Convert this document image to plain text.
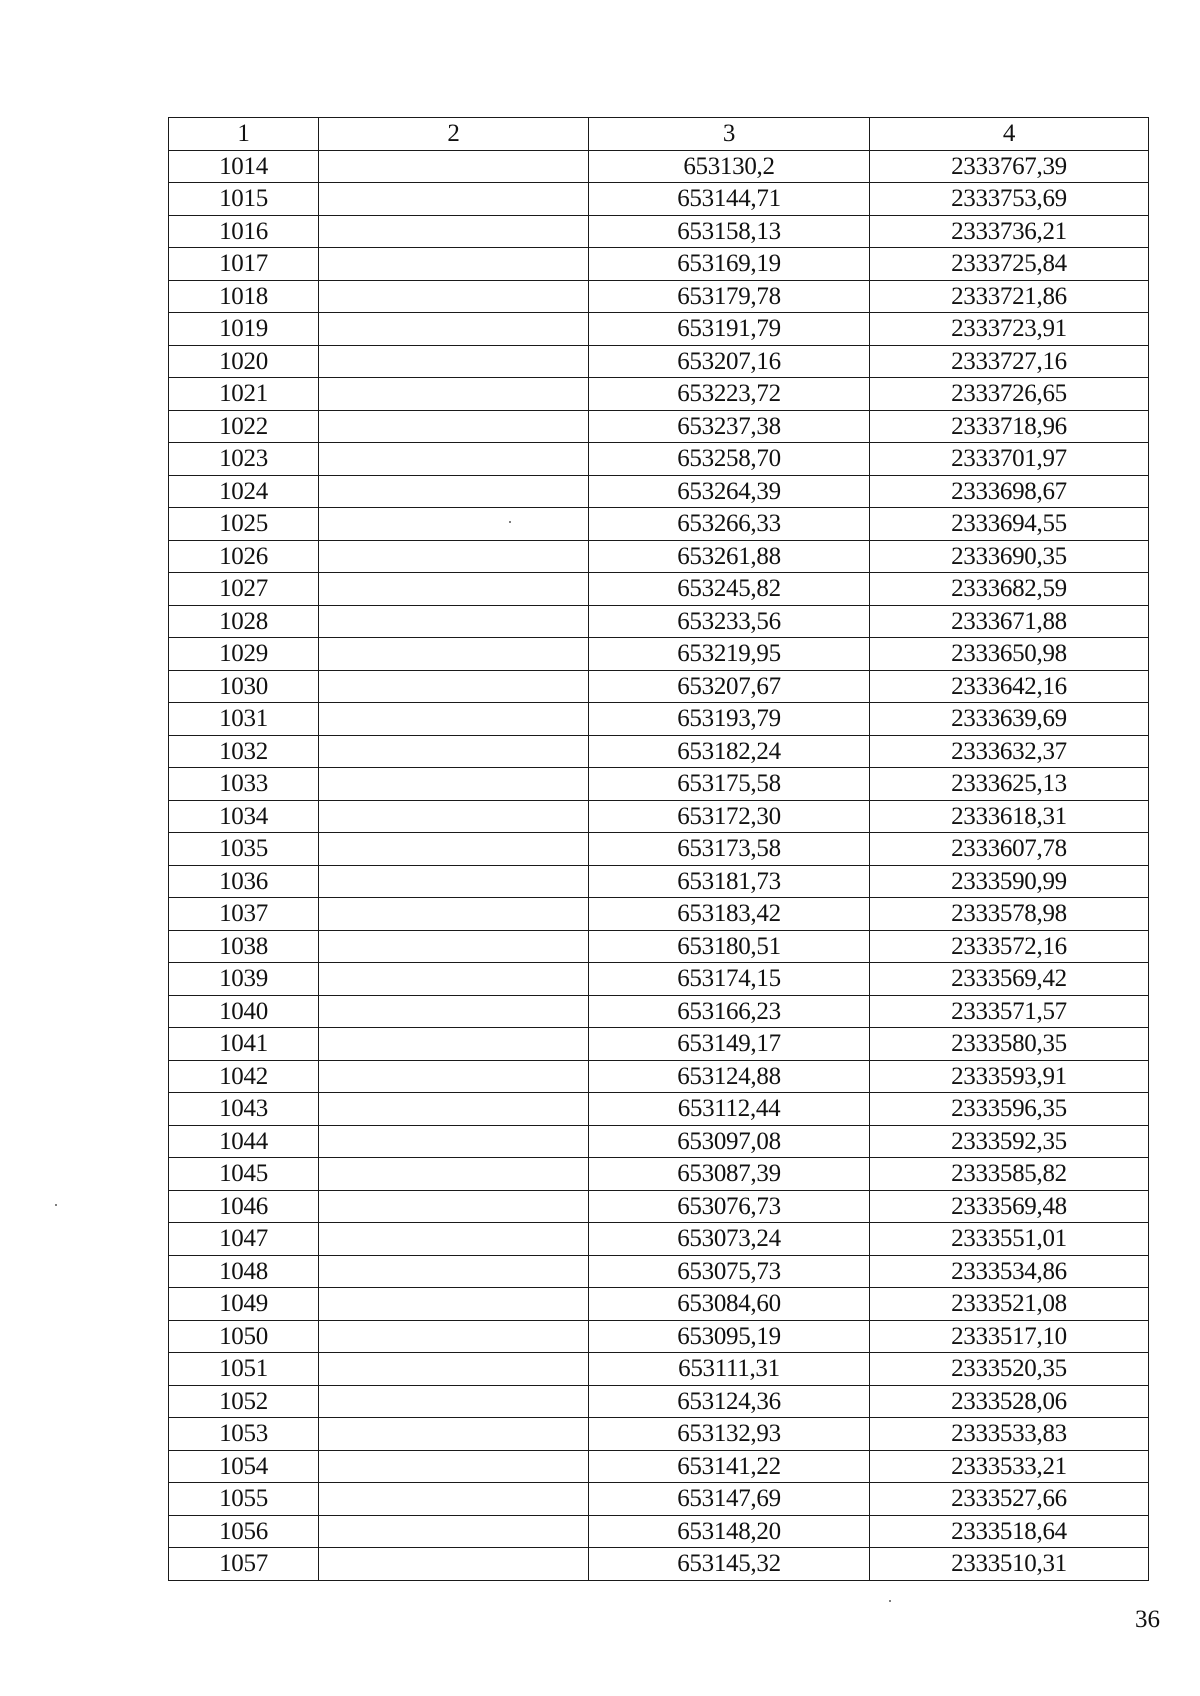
1	2	3	4
1014		653130,2	2333767,39
1015		653144,71	2333753,69
1016		653158,13	2333736,21
1017		653169,19	2333725,84
1018		653179,78	2333721,86
1019		653191,79	2333723,91
1020		653207,16	2333727,16
1021		653223,72	2333726,65
1022		653237,38	2333718,96
1023		653258,70	2333701,97
1024		653264,39	2333698,67
1025		653266,33	2333694,55
1026		653261,88	2333690,35
1027		653245,82	2333682,59
1028		653233,56	2333671,88
1029		653219,95	2333650,98
1030		653207,67	2333642,16
1031		653193,79	2333639,69
1032		653182,24	2333632,37
1033		653175,58	2333625,13
1034		653172,30	2333618,31
1035		653173,58	2333607,78
1036		653181,73	2333590,99
1037		653183,42	2333578,98
1038		653180,51	2333572,16
1039		653174,15	2333569,42
1040		653166,23	2333571,57
1041		653149,17	2333580,35
1042		653124,88	2333593,91
1043		653112,44	2333596,35
1044		653097,08	2333592,35
1045		653087,39	2333585,82
1046		653076,73	2333569,48
1047		653073,24	2333551,01
1048		653075,73	2333534,86
1049		653084,60	2333521,08
1050		653095,19	2333517,10
1051		653111,31	2333520,35
1052		653124,36	2333528,06
1053		653132,93	2333533,83
1054		653141,22	2333533,21
1055		653147,69	2333527,66
1056		653148,20	2333518,64
1057		653145,32	2333510,31
36
